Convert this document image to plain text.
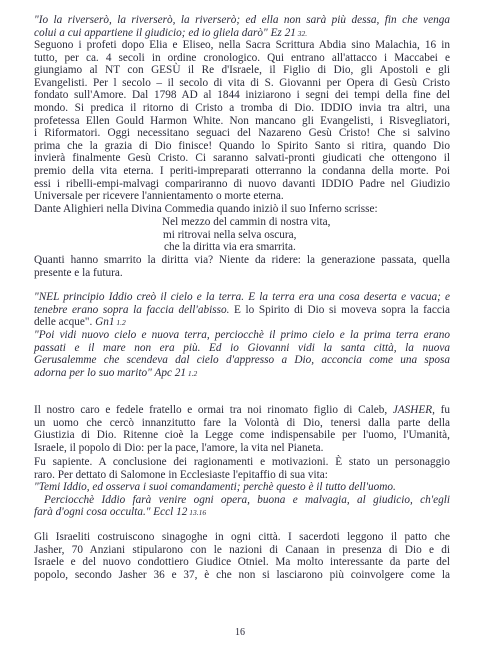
"Io la riverserò, la riverserò, la riverserò; ed ella non sarà più dessa, fin che venga

colui a cui appartiene il giudicio; ed io gliela darò" Ez 21 32.

Seguono i profeti dopo Elia e Eliseo, nella Sacra Scrittura Abdia sino Malachia, 16 in

tutto, per ca. 4 secoli in ordine cronologico. Qui entrano all'attacco i Maccabei e

giungiamo al NT con GESÙ il Re d'Israele, il Figlio di Dio, gli Apostoli e gli

Evangelisti. Per l secolo – il secolo di vita di S. Giovanni per Opera di Gesù Cristo

fondato sull'Amore. Dal 1798 AD al 1844 iniziarono i segni dei tempi della fine del

mondo. Si predica il ritorno di Cristo a tromba di Dio. IDDIO invia tra altri, una

profetessa Ellen Gould Harmon White. Non mancano gli Evangelisti, i Risvegliatori,

i Riformatori. Oggi necessitano seguaci del Nazareno Gesù Cristo! Che si salvino

prima che la grazia di Dio finisce! Quando lo Spirito Santo si ritira, quando Dio

invierà finalmente Gesù Cristo. Ci saranno salvati-pronti giudicati che ottengono il

premio della vita eterna. I periti-impreparati otterranno la condanna della morte. Poi

essi i ribelli-empi-malvagi compariranno di nuovo davanti IDDIO Padre nel Giudizio

Universale per ricevere l'annientamento o morte eterna.

Dante Alighieri nella Divina Commedia quando iniziò il suo Inferno scrisse:

Nel mezzo del cammin di nostra vita,

mi ritrovai nella selva oscura,

che la diritta via era smarrita.

Quanti hanno smarrito la diritta via? Niente da ridere: la generazione passata, quella

presente e la futura.

"NEL principio Iddio creò il cielo e la terra. E la terra era una cosa deserta e vacua; e

tenebre erano sopra la faccia dell'abisso. E lo Spirito di Dio si moveva sopra la faccia

delle acque". Gn1 1.2

"Poi vidi nuovo cielo e nuova terra, perciocchè il primo cielo e la prima terra erano

passati e il mare non era più. Ed io Giovanni vidi la santa città, la nuova

Gerusalemme che scendeva dal cielo d'appresso a Dio, acconcia come una sposa

adorna per lo suo marito" Apc 21 1.2

Il nostro caro e fedele fratello e ormai tra noi rinomato figlio di Caleb, JASHER, fu

un uomo che cercò innanzitutto fare la Volontà di Dio, tenersi dalla parte della

Giustizia di Dio. Ritenne cioè la Legge come indispensabile per l'uomo, l'Umanità,

Israele, il popolo di Dio: per la pace, l'amore, la vita nel Pianeta.

Fu sapiente. A conclusione dei ragionamenti e motivazioni. È stato un personaggio

raro. Per dettato di Salomone in Ecclesiaste l'epitaffio di sua vita:

"Temi Iddio, ed osserva i suoi comandamenti; perchè questo è il tutto dell'uomo.

Perciocchè Iddio farà venire ogni opera, buona e malvagia, al giudicio, ch'egli

farà d'ogni cosa occulta." Eccl 12 13.16

Gli Israeliti costruiscono sinagoghe in ogni città. I sacerdoti leggono il patto che

Jasher, 70 Anziani stipularono con le nazioni di Canaan in presenza di Dio e di

Israele e del nuovo condottiero Giudice Otniel. Ma molto interessante da parte del

popolo, secondo Jasher 36 e 37, è che non si lasciarono più coinvolgere come la

16
